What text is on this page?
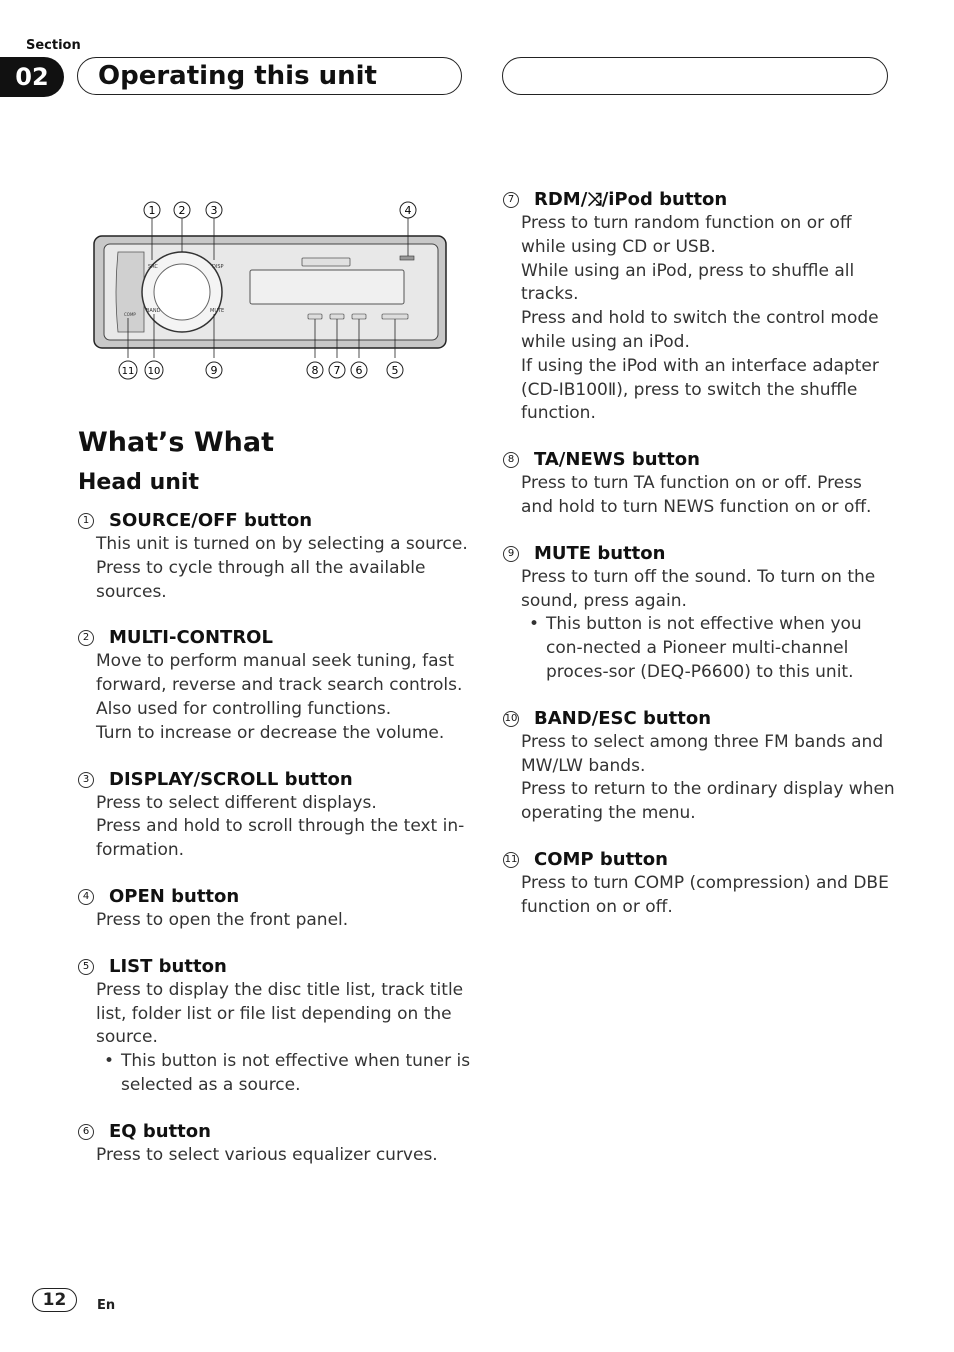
Section
02	Operating this unit
SRC	DISP
BAND	MUTE
COMP
1 2 3	4
11 10	9	8 7 6	5
What’s What
Head unit
1 SOURCE/OFF button
This unit is turned on by selecting a source.
Press to cycle through all the available sources.
2 MULTI-CONTROL
Move to perform manual seek tuning, fast forward, reverse and track search controls.
Also used for controlling functions.
Turn to increase or decrease the volume.
3 DISPLAY/SCROLL button
Press to select different displays.
Press and hold to scroll through the text in-formation.
4 OPEN button
Press to open the front panel.
5 LIST button
Press to display the disc title list, track title list, folder list or file list depending on the source.
• This button is not effective when tuner is selected as a source.
6 EQ button
Press to select various equalizer curves.
7 RDM/⤨/iPod button
Press to turn random function on or off while using CD or USB.
While using an iPod, press to shuffle all tracks.
Press and hold to switch the control mode while using an iPod.
If using the iPod with an interface adapter (CD-IB100Ⅱ), press to switch the shuffle function.
8 TA/NEWS button
Press to turn TA function on or off. Press and hold to turn NEWS function on or off.
9 MUTE button
Press to turn off the sound. To turn on the sound, press again.
• This button is not effective when you con-nected a Pioneer multi-channel proces-sor (DEQ-P6600) to this unit.
10 BAND/ESC button
Press to select among three FM bands and MW/LW bands.
Press to return to the ordinary display when operating the menu.
11 COMP button
Press to turn COMP (compression) and DBE function on or off.
12	En
